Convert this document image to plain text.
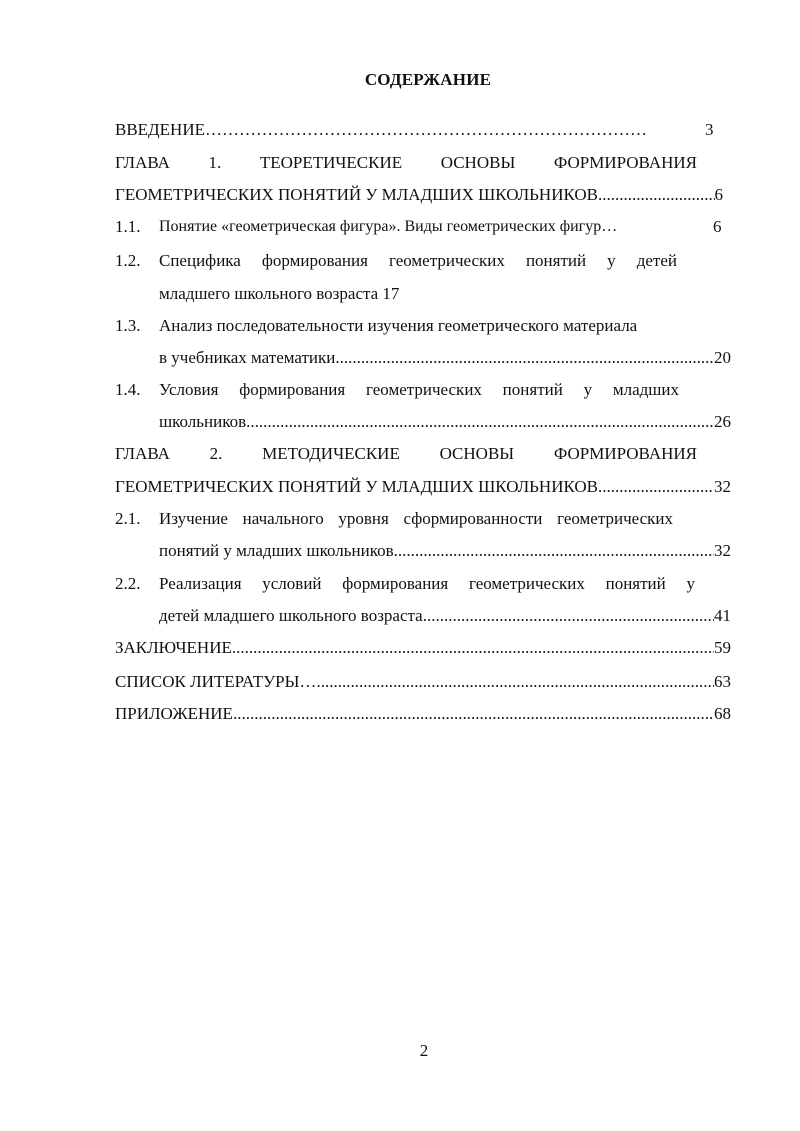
СОДЕРЖАНИЕ
ВВЕДЕНИЕ……………………………………………………………………	3
ГЛАВА 1. ТЕОРЕТИЧЕСКИЕ ОСНОВЫ ФОРМИРОВАНИЯ
ГЕОМЕТРИЧЕСКИХ ПОНЯТИЙ У МЛАДШИХ ШКОЛЬНИКОВ .....	6
1.1. Понятие «геометрическая фигура». Виды геометрических фигур…	6
1.2. Специфика формирования геометрических понятий у детей
младшего школьного возраста 17
1.3. Анализ последовательности изучения геометрического материала
в учебниках математики .....	20
1.4. Условия формирования геометрических понятий у младших
школьников .....	26
ГЛАВА 2. МЕТОДИЧЕСКИЕ ОСНОВЫ ФОРМИРОВАНИЯ
ГЕОМЕТРИЧЕСКИХ ПОНЯТИЙ У МЛАДШИХ ШКОЛЬНИКОВ .....	32
2.1. Изучение начального уровня сформированности геометрических
понятий у младших школьников .....	32
2.2. Реализация условий формирования геометрических понятий у
детей младшего школьного возраста .....	41
ЗАКЛЮЧЕНИЕ .....	59
СПИСОК ЛИТЕРАТУРЫ… .....	63
ПРИЛОЖЕНИЕ .....	68
2
